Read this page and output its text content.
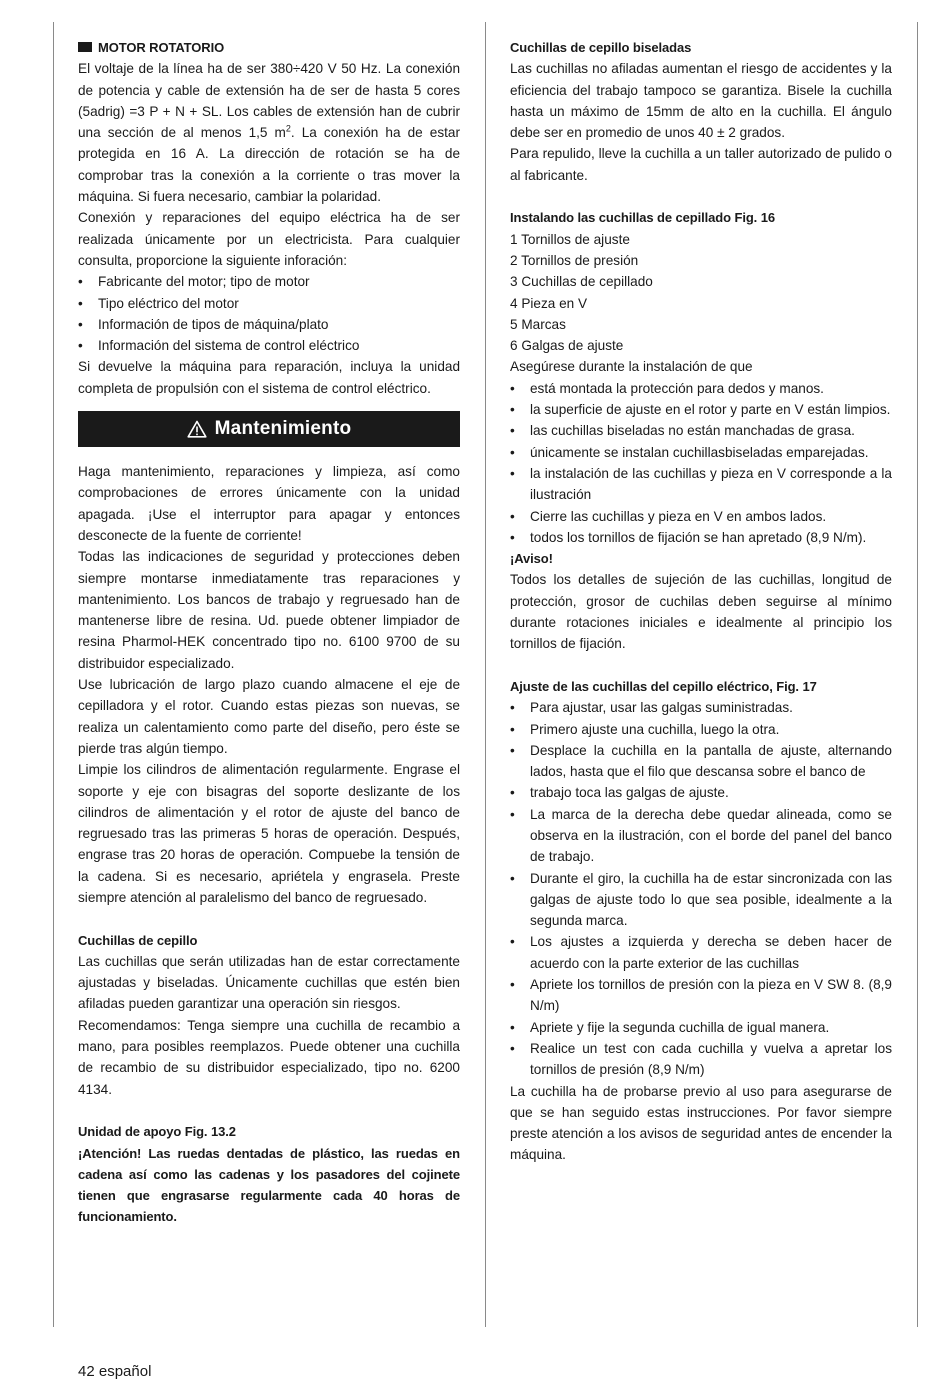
MOTOR ROTATORIO

El voltaje de la línea ha de ser 380÷420 V 50 Hz. La conexión de potencia y cable de extensión ha de ser de hasta 5 cores (5adrig) =3 P + N + SL. Los cables de extensión han de cubrir una sección de al menos 1,5 $m^2$. La conexión ha de estar protegida en 16 A. La dirección de rotación se ha de comprobar tras la conexión a la corriente o tras mover la máquina. Si fuera necesario, cambiar la polaridad.

Conexión y reparaciones del equipo eléctrica ha de ser realizada únicamente por un electricista. Para cualquier consulta, proporcione la siguiente inforación:

• Fabricante del motor; tipo de motor
• Tipo eléctrico del motor
• Información de tipos de máquina/plato
• Información del sistema de control eléctrico

Si devuelve la máquina para reparación, incluya la unidad completa de propulsión con el sistema de control eléctrico.

Mantenimiento

Haga mantenimiento, reparaciones y limpieza, así como comprobaciones de errores únicamente con la unidad apagada. ¡Use el interruptor para apagar y entonces desconecte de la fuente de corriente!

Todas las indicaciones de seguridad y protecciones deben siempre montarse inmediatamente tras reparaciones y mantenimiento. Los bancos de trabajo y regruesado han de mantenerse libre de resina. Ud. puede obtener limpiador de resina Pharmol-HEK concentrado tipo no. 6100 9700 de su distribuidor especializado.

Use lubricación de largo plazo cuando almacene el eje de cepilladora y el rotor. Cuando estas piezas son nuevas, se realiza un calentamiento como parte del diseño, pero éste se pierde tras algún tiempo.

Limpie los cilindros de alimentación regularmente. Engrase el soporte y eje con bisagras del soporte deslizante de los cilindros de alimentación y el rotor de ajuste del banco de regruesado tras las primeras 5 horas de operación. Después, engrase tras 20 horas de operación. Compuebe la tensión de la cadena. Si es necesario, apriétela y engrasela. Preste siempre atención al paralelismo del banco de regruesado.

Cuchillas de cepillo

Las cuchillas que serán utilizadas han de estar correctamente ajustadas y biseladas. Únicamente cuchillas que estén bien afiladas pueden garantizar una operación sin riesgos.

Recomendamos: Tenga siempre una cuchilla de recambio a mano, para posibles reemplazos. Puede obtener una cuchilla de recambio de su distribuidor especializado, tipo no. 6200 4134.

Unidad de apoyo Fig. 13.2

¡Atención! Las ruedas dentadas de plástico, las ruedas en cadena así como las cadenas y los pasadores del cojinete tienen que engrasarse regularmente cada 40 horas de funcionamiento.

Cuchillas de cepillo biseladas

Las cuchillas no afiladas aumentan el riesgo de accidentes y la eficiencia del trabajo tampoco se garantiza. Bisele la cuchilla hasta un máximo de 15mm de alto en la cuchilla. El ángulo debe ser en promedio de unos 40 ± 2 grados.

Para repulido, lleve la cuchilla a un taller autorizado de pulido o al fabricante.

Instalando las cuchillas de cepillado Fig. 16

1 Tornillos de ajuste
2 Tornillos de presión
3 Cuchillas de cepillado
4 Pieza en V
5 Marcas
6 Galgas de ajuste

Asegúrese durante la instalación de que

• está montada la protección para dedos y manos.
• la superficie de ajuste en el rotor y parte en V están limpios.
• las cuchillas biseladas no están manchadas de grasa.
• únicamente se instalan cuchillasbiseladas emparejadas.
• la instalación de las cuchillas y pieza en V corresponde a la ilustración
• Cierre las cuchillas y pieza en V en ambos lados.
• todos los tornillos de fijación se han apretado (8,9 N/m).

¡Aviso!

Todos los detalles de sujeción de las cuchillas, longitud de protección, grosor de cuchilas deben seguirse al mínimo durante rotaciones iniciales e idealmente al principio los tornillos de fijación.

Ajuste de las cuchillas del cepillo eléctrico, Fig. 17

• Para ajustar, usar las galgas suministradas.
• Primero ajuste una cuchilla, luego la otra.
• Desplace la cuchilla en la pantalla de ajuste, alternando lados, hasta que el filo que descansa sobre el banco de
• trabajo toca las galgas de ajuste.
• La marca de la derecha debe quedar alineada, como se observa en la ilustración, con el borde del panel del banco de trabajo.
• Durante el giro, la cuchilla ha de estar sincronizada con las galgas de ajuste todo lo que sea posible, idealmente a la segunda marca.
• Los ajustes a izquierda y derecha se deben hacer de acuerdo con la parte exterior de las cuchillas
• Apriete los tornillos de presión con la pieza en V SW 8. (8,9 N/m)
• Apriete y fije la segunda cuchilla de igual manera.
• Realice un test con cada cuchilla y vuelva a apretar los tornillos de presión (8,9 N/m)

La cuchilla ha de probarse previo al uso para asegurarse de que se han seguido estas instrucciones. Por favor siempre preste atención a los avisos de seguridad antes de encender la máquina.

42 español
